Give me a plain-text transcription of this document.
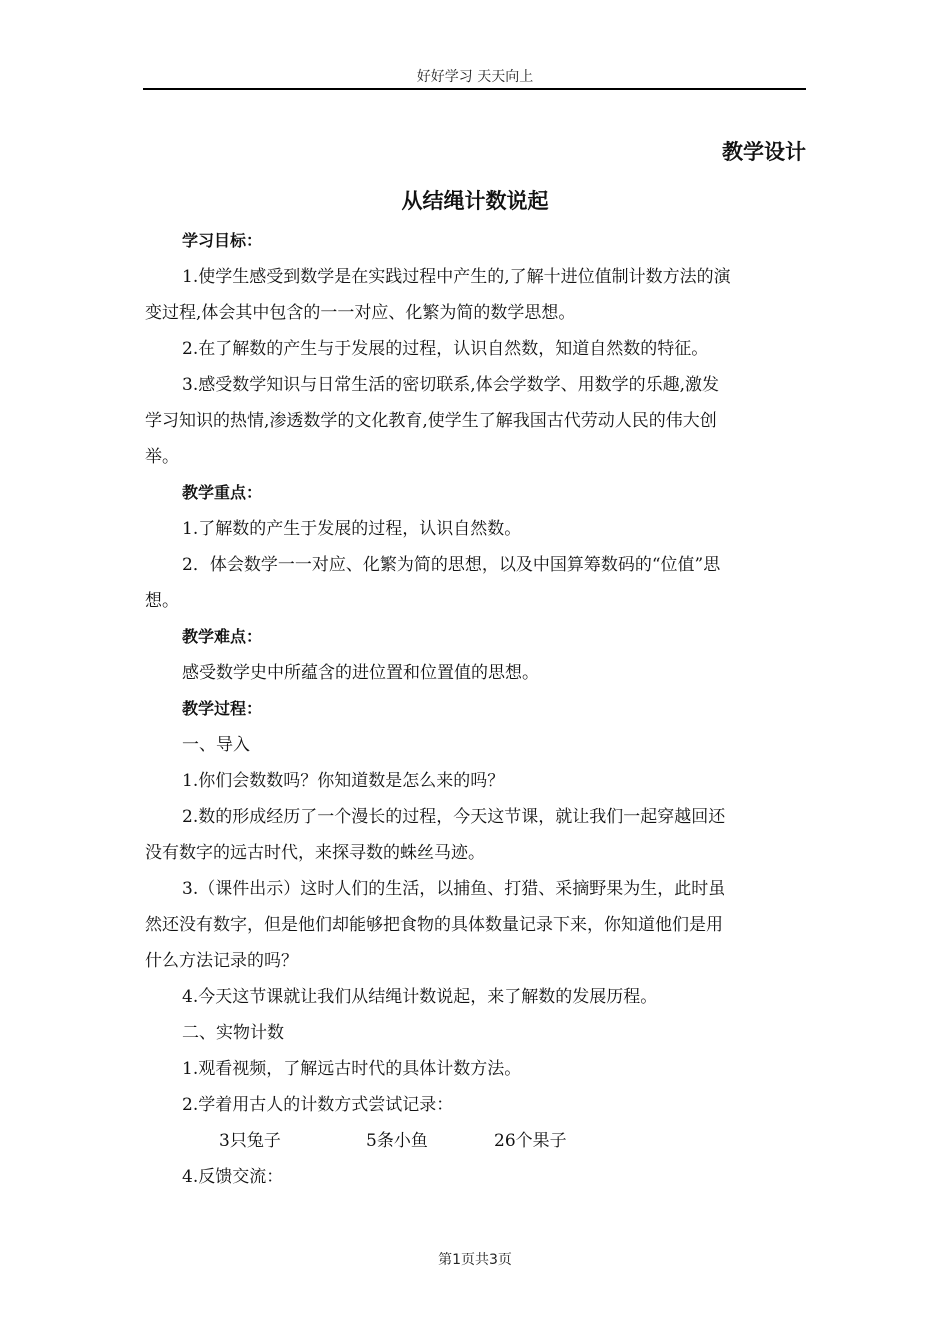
好好学习 天天向上
教学设计
从结绳计数说起

学习目标：

1.使学生感受到数学是在实践过程中产生的,了解十进位值制计数方法的演

变过程,体会其中包含的一一对应、化繁为简的数学思想。

2.在了解数的产生与于发展的过程，认识自然数，知道自然数的特征。

3.感受数学知识与日常生活的密切联系,体会学数学、用数学的乐趣,激发

学习知识的热情,渗透数学的文化教育,使学生了解我国古代劳动人民的伟大创

举。

教学重点：

1.了解数的产生于发展的过程，认识自然数。

2．体会数学一一对应、化繁为简的思想，以及中国算筹数码的“位值”思

想。

教学难点：

感受数学史中所蕴含的进位置和位置值的思想。

教学过程：

一、导入

1.你们会数数吗？你知道数是怎么来的吗？

2.数的形成经历了一个漫长的过程，今天这节课，就让我们一起穿越回还

没有数字的远古时代，来探寻数的蛛丝马迹。

3.（课件出示）这时人们的生活，以捕鱼、打猎、采摘野果为生，此时虽

然还没有数字，但是他们却能够把食物的具体数量记录下来，你知道他们是用

什么方法记录的吗？

4.今天这节课就让我们从结绳计数说起，来了解数的发展历程。

二、实物计数

1.观看视频，了解远古时代的具体计数方法。

2.学着用古人的计数方式尝试记录：

3只兔子	5条小鱼	26个果子

4.反馈交流：

第1页共3页
